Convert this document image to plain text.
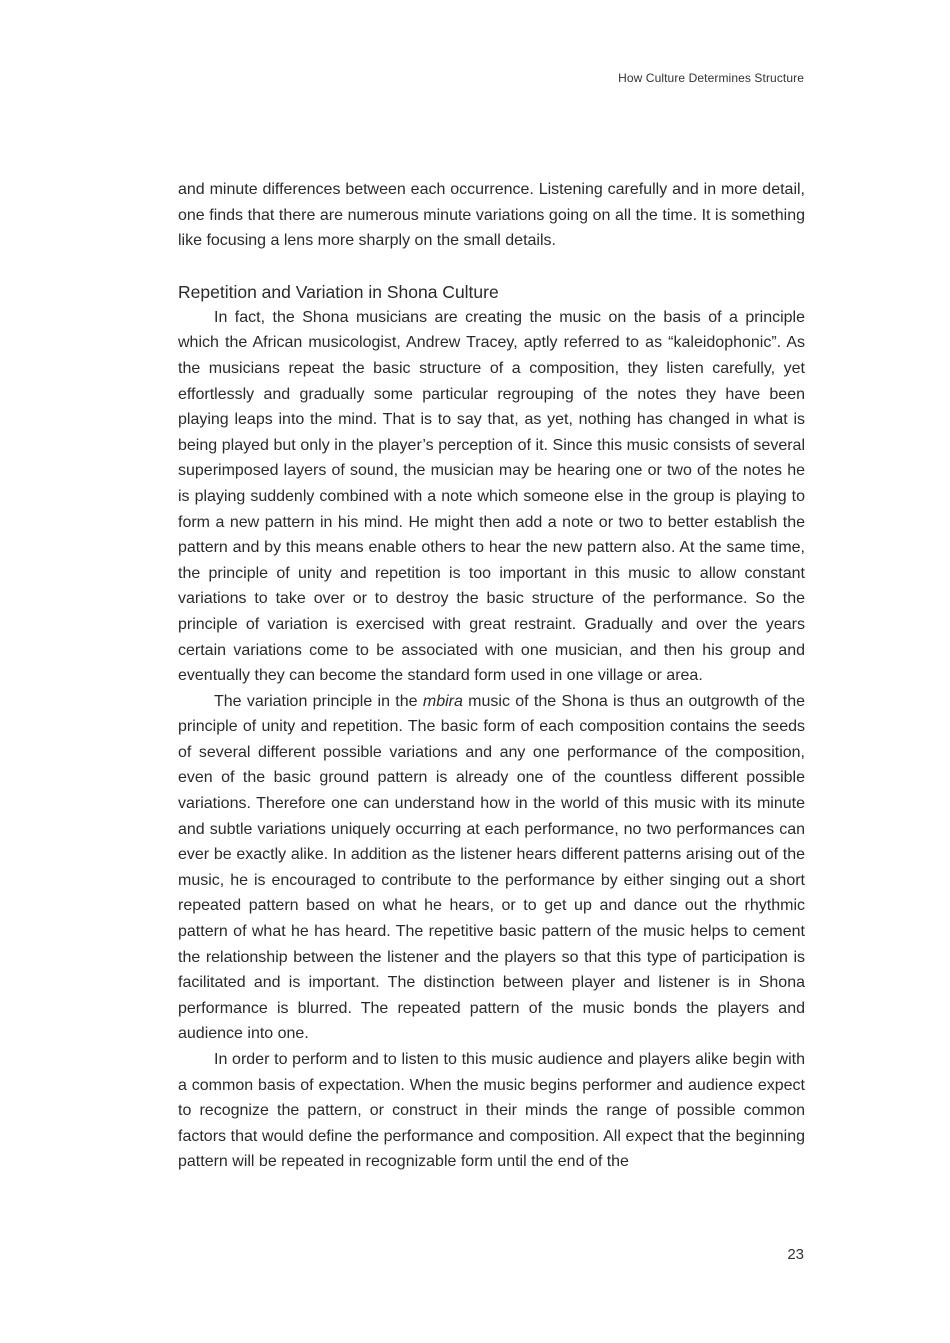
How Culture Determines Structure

and minute differences between each occurrence. Listening carefully and in more detail, one finds that there are numerous minute variations going on all the time. It is something like focusing a lens more sharply on the small details.

Repetition and Variation in Shona Culture

In fact, the Shona musicians are creating the music on the basis of a principle which the African musicologist, Andrew Tracey, aptly referred to as “kaleidophonic”. As the musicians repeat the basic structure of a composition, they listen carefully, yet effortlessly and gradually some particular regrouping of the notes they have been playing leaps into the mind. That is to say that, as yet, nothing has changed in what is being played but only in the player’s perception of it. Since this music consists of several superimposed layers of sound, the musician may be hearing one or two of the notes he is playing suddenly combined with a note which someone else in the group is playing to form a new pattern in his mind. He might then add a note or two to better establish the pattern and by this means enable others to hear the new pattern also. At the same time, the principle of unity and repetition is too important in this music to allow constant variations to take over or to destroy the basic structure of the performance. So the principle of variation is exercised with great restraint. Gradually and over the years certain variations come to be associated with one musician, and then his group and eventually they can become the standard form used in one village or area.

The variation principle in the mbira music of the Shona is thus an outgrowth of the principle of unity and repetition. The basic form of each composition contains the seeds of several different possible variations and any one performance of the composition, even of the basic ground pattern is already one of the countless different possible variations. Therefore one can understand how in the world of this music with its minute and subtle variations uniquely occurring at each performance, no two performances can ever be exactly alike. In addition as the listener hears different patterns arising out of the music, he is encouraged to contribute to the performance by either singing out a short repeated pattern based on what he hears, or to get up and dance out the rhythmic pattern of what he has heard. The repetitive basic pattern of the music helps to cement the relationship between the listener and the players so that this type of participation is facilitated and is important. The distinction between player and listener is in Shona performance is blurred. The repeated pattern of the music bonds the players and audience into one.

In order to perform and to listen to this music audience and players alike begin with a common basis of expectation. When the music begins performer and audience expect to recognize the pattern, or construct in their minds the range of possible common factors that would define the performance and composition. All expect that the beginning pattern will be repeated in recognizable form until the end of the

23
